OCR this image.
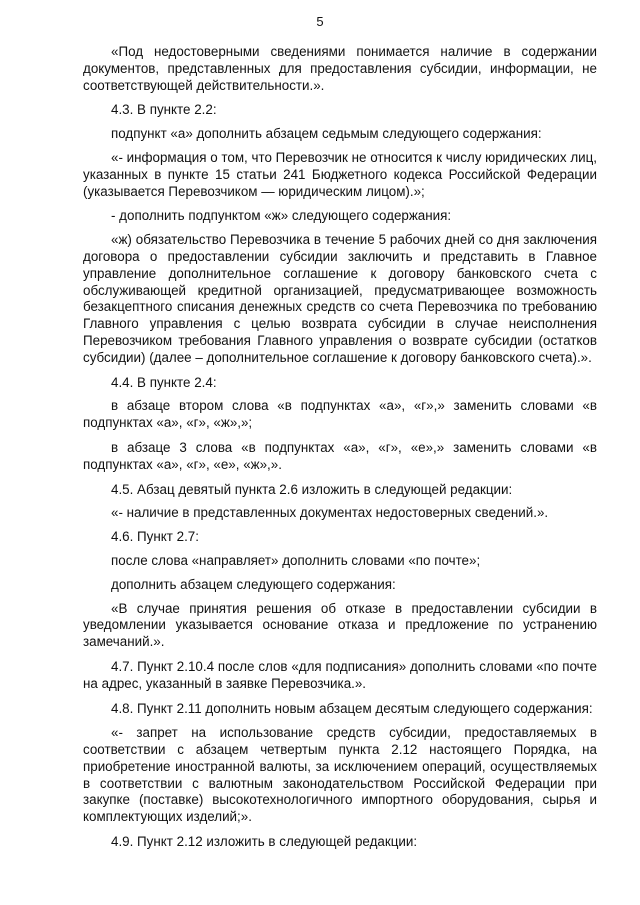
5

«Под недостоверными сведениями понимается наличие в содержании документов, представленных для предоставления субсидии, информации, не соответствующей действительности.».

4.3. В пункте 2.2:

подпункт «а» дополнить абзацем седьмым следующего содержания:

«- информация о том, что Перевозчик не относится к числу юридических лиц, указанных в пункте 15 статьи 241 Бюджетного кодекса Российской Федерации (указывается Перевозчиком — юридическим лицом).»;

- дополнить подпунктом «ж» следующего содержания:

«ж) обязательство Перевозчика в течение 5 рабочих дней со дня заключения договора о предоставлении субсидии заключить и представить в Главное управление дополнительное соглашение к договору банковского счета с обслуживающей кредитной организацией, предусматривающее возможность безакцептного списания денежных средств со счета Перевозчика по требованию Главного управления с целью возврата субсидии в случае неисполнения Перевозчиком требования Главного управления о возврате субсидии (остатков субсидии) (далее – дополнительное соглашение к договору банковского счета).».

4.4. В пункте 2.4:

в абзаце втором слова «в подпунктах «а», «г»,» заменить словами «в подпунктах «а», «г», «ж»,»;

в абзаце 3 слова «в подпунктах «а», «г», «е»,» заменить словами «в подпунктах «а», «г», «е», «ж»,».

4.5. Абзац девятый пункта 2.6 изложить в следующей редакции:

«- наличие в представленных документах недостоверных сведений.».

4.6. Пункт 2.7:

после слова «направляет» дополнить словами «по почте»;

дополнить абзацем следующего содержания:

«В случае принятия решения об отказе в предоставлении субсидии в уведомлении указывается основание отказа и предложение по устранению замечаний.».

4.7. Пункт 2.10.4 после слов «для подписания» дополнить словами «по почте на адрес, указанный в заявке Перевозчика.».

4.8. Пункт 2.11 дополнить новым абзацем десятым следующего содержания:

«- запрет на использование средств субсидии, предоставляемых в соответствии с абзацем четвертым пункта 2.12 настоящего Порядка, на приобретение иностранной валюты, за исключением операций, осуществляемых в соответствии с валютным законодательством Российской Федерации при закупке (поставке) высокотехнологичного импортного оборудования, сырья и комплектующих изделий;».

4.9. Пункт 2.12 изложить в следующей редакции:
